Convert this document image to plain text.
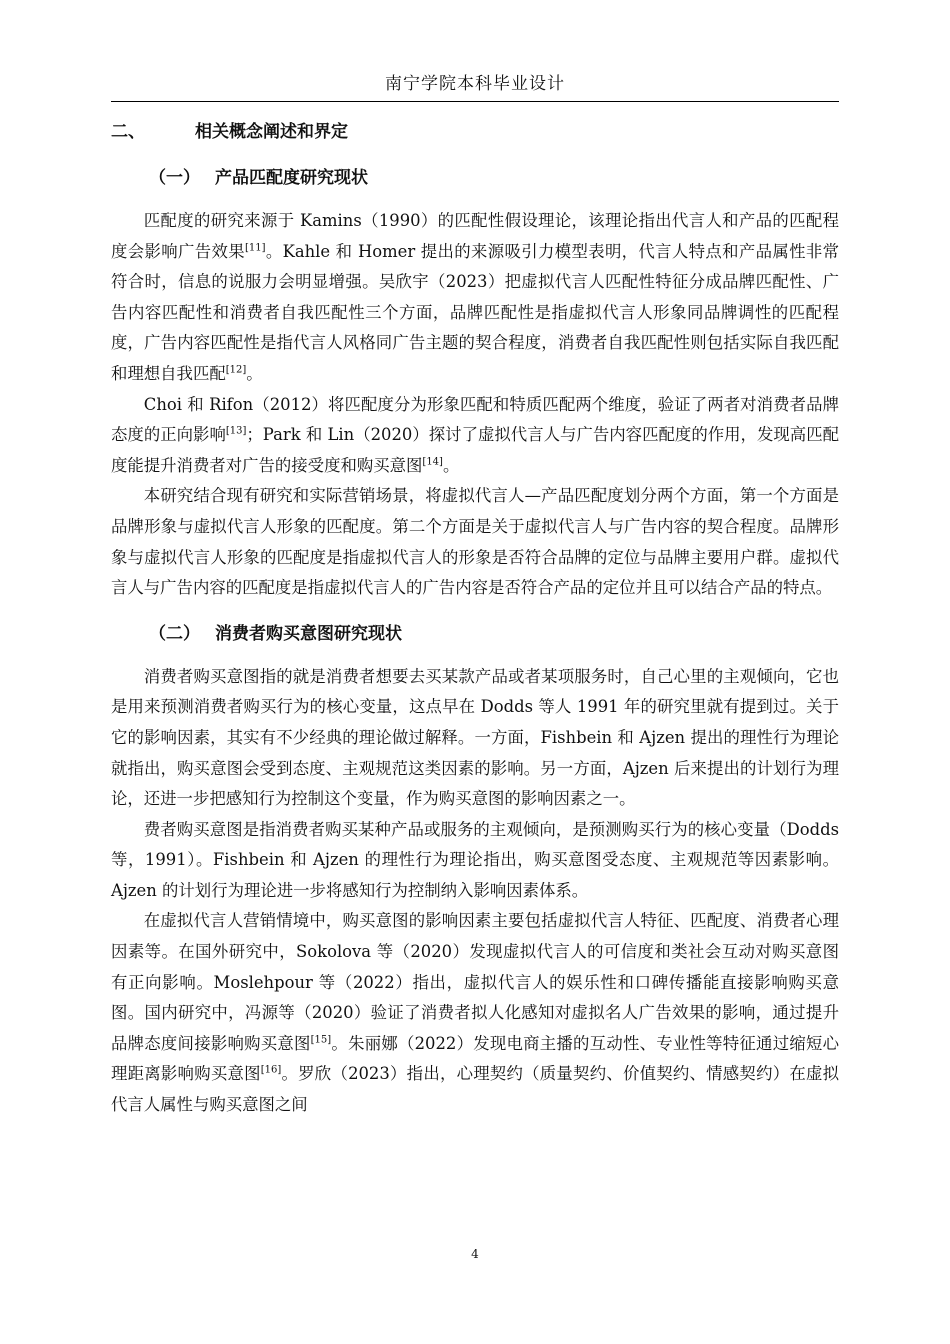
南宁学院本科毕业设计
二、	相关概念阐述和界定
（一） 产品匹配度研究现状

匹配度的研究来源于 Kamins（1990）的匹配性假设理论，该理论指出代言人和产品的匹配程度会影响广告效果[11]。Kahle 和 Homer 提出的来源吸引力模型表明，代言人特点和产品属性非常符合时，信息的说服力会明显增强。吴欣宇（2023）把虚拟代言人匹配性特征分成品牌匹配性、广告内容匹配性和消费者自我匹配性三个方面，品牌匹配性是指虚拟代言人形象同品牌调性的匹配程度，广告内容匹配性是指代言人风格同广告主题的契合程度，消费者自我匹配性则包括实际自我匹配和理想自我匹配[12]。

Choi 和 Rifon（2012）将匹配度分为形象匹配和特质匹配两个维度，验证了两者对消费者品牌态度的正向影响[13]；Park 和 Lin（2020）探讨了虚拟代言人与广告内容匹配度的作用，发现高匹配度能提升消费者对广告的接受度和购买意图[14]。

本研究结合现有研究和实际营销场景，将虚拟代言人—产品匹配度划分两个方面，第一个方面是品牌形象与虚拟代言人形象的匹配度。第二个方面是关于虚拟代言人与广告内容的契合程度。品牌形象与虚拟代言人形象的匹配度是指虚拟代言人的形象是否符合品牌的定位与品牌主要用户群。虚拟代言人与广告内容的匹配度是指虚拟代言人的广告内容是否符合产品的定位并且可以结合产品的特点。

（二） 消费者购买意图研究现状

消费者购买意图指的就是消费者想要去买某款产品或者某项服务时，自己心里的主观倾向，它也是用来预测消费者购买行为的核心变量，这点早在 Dodds 等人 1991 年的研究里就有提到过。关于它的影响因素，其实有不少经典的理论做过解释。一方面，Fishbein 和 Ajzen 提出的理性行为理论就指出，购买意图会受到态度、主观规范这类因素的影响。另一方面，Ajzen 后来提出的计划行为理论，还进一步把感知行为控制这个变量，作为购买意图的影响因素之一。

费者购买意图是指消费者购买某种产品或服务的主观倾向，是预测购买行为的核心变量（Dodds 等，1991）。Fishbein 和 Ajzen 的理性行为理论指出，购买意图受态度、主观规范等因素影响。Ajzen 的计划行为理论进一步将感知行为控制纳入影响因素体系。

在虚拟代言人营销情境中，购买意图的影响因素主要包括虚拟代言人特征、匹配度、消费者心理因素等。在国外研究中，Sokolova 等（2020）发现虚拟代言人的可信度和类社会互动对购买意图有正向影响。Moslehpour 等（2022）指出，虚拟代言人的娱乐性和口碑传播能直接影响购买意图。国内研究中，冯源等（2020）验证了消费者拟人化感知对虚拟名人广告效果的影响，通过提升品牌态度间接影响购买意图[15]。朱丽娜（2022）发现电商主播的互动性、专业性等特征通过缩短心理距离影响购买意图[16]。罗欣（2023）指出，心理契约（质量契约、价值契约、情感契约）在虚拟代言人属性与购买意图之间

4
